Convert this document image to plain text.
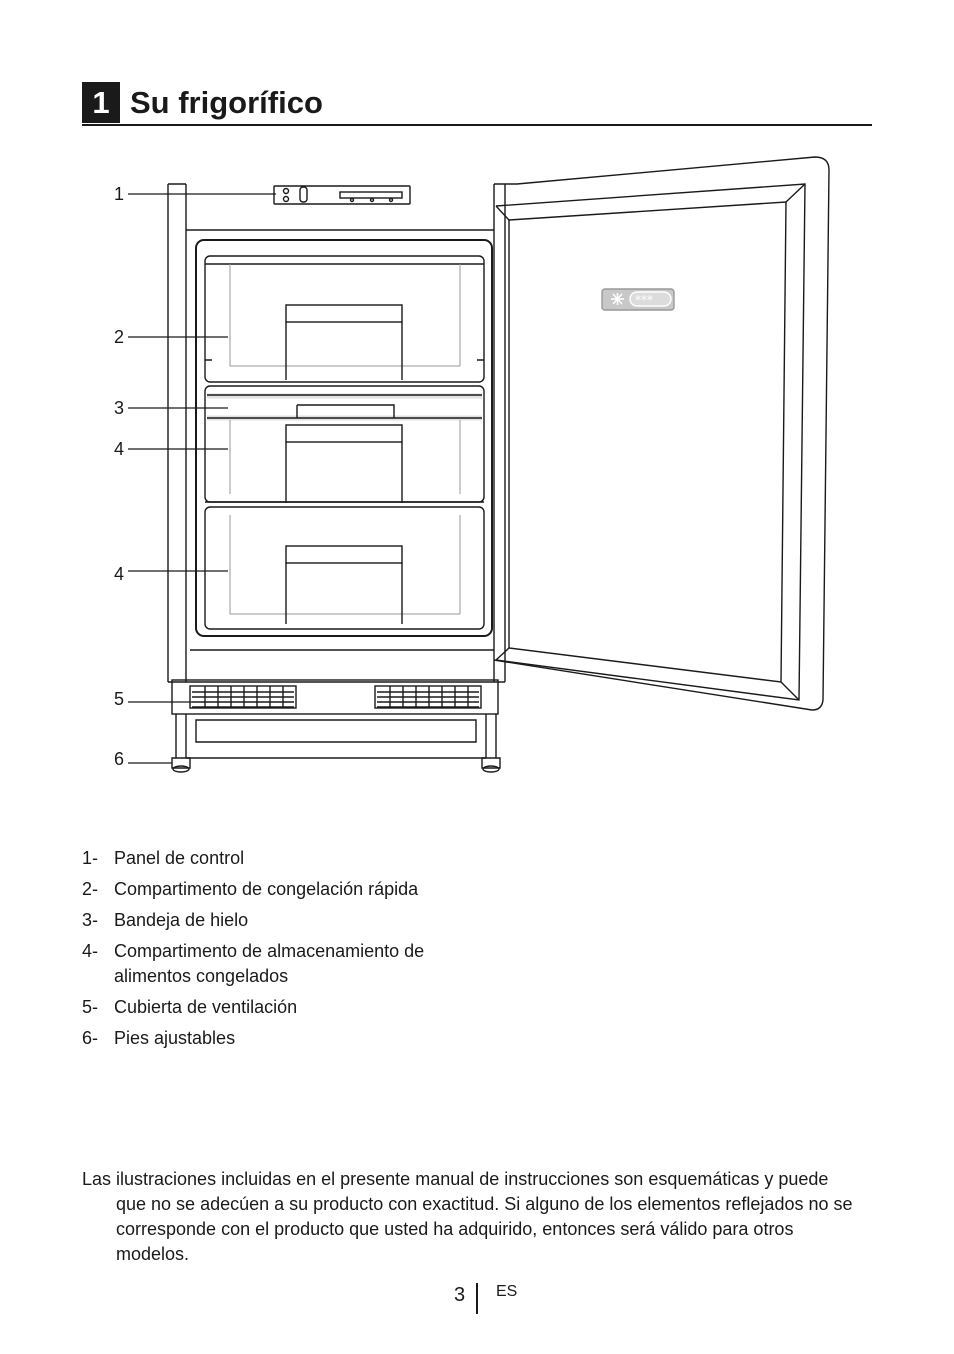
1 Su frigorífico
***
1
2
3
4
4
5
6
1- Panel de control
2- Compartimento de congelación rápida
3- Bandeja de hielo
4- Compartimento de almacenamiento de alimentos congelados
5- Cubierta de ventilación
6- Pies ajustables

Las ilustraciones incluidas en el presente manual de instrucciones son esquemáticas y puede que no se adecúen a su producto con exactitud. Si alguno de los elementos reflejados no se corresponde con el producto que usted ha adquirido, entonces será válido para otros modelos.

3 ES
